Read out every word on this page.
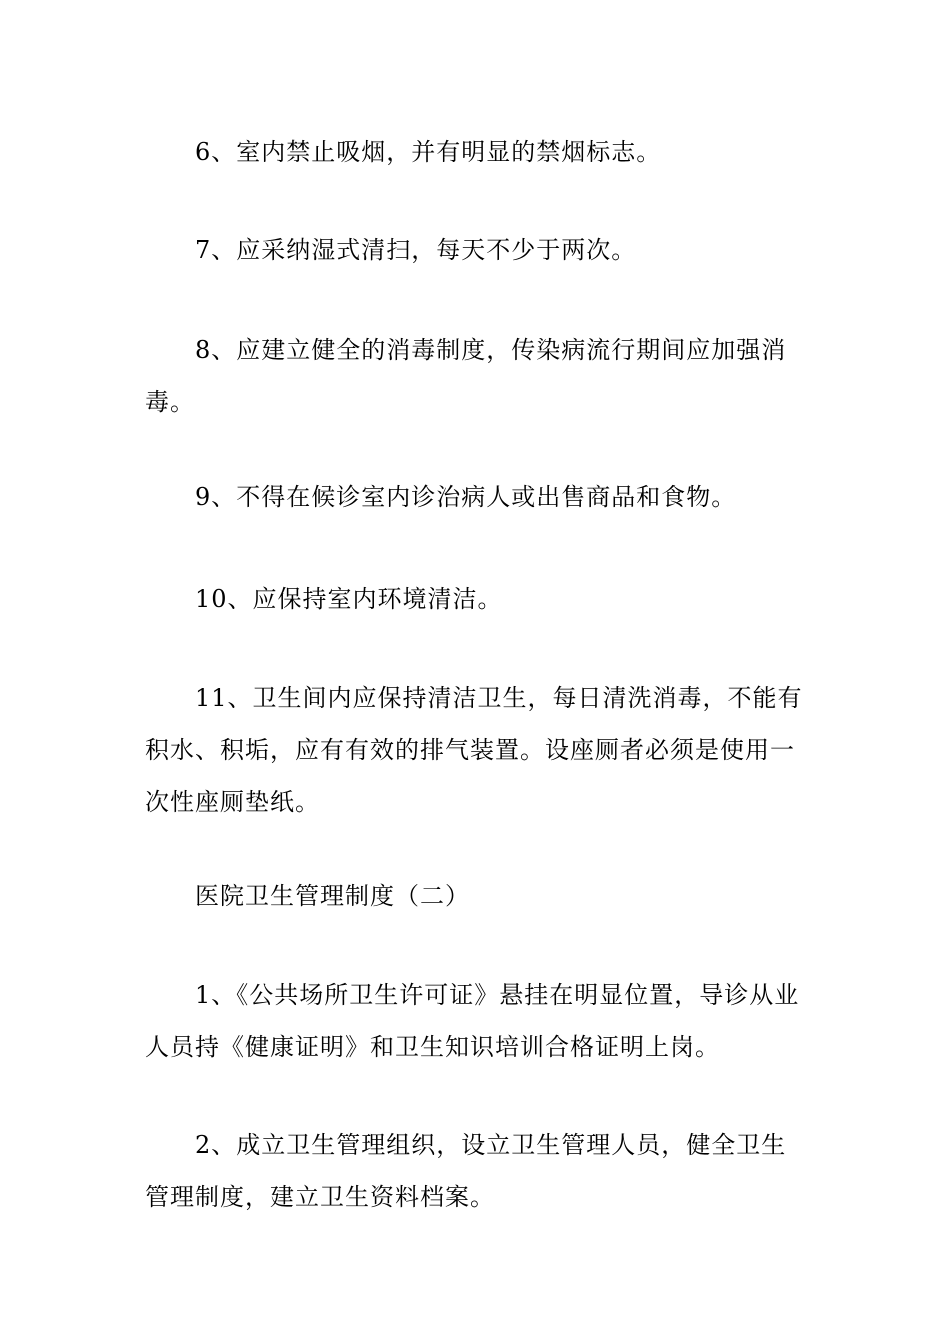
6、室内禁止吸烟，并有明显的禁烟标志。

7、应采纳湿式清扫，每天不少于两次。

8、应建立健全的消毒制度，传染病流行期间应加强消毒。

9、不得在候诊室内诊治病人或出售商品和食物。

10、应保持室内环境清洁。

11、卫生间内应保持清洁卫生，每日清洗消毒，不能有积水、积垢，应有有效的排气装置。设座厕者必须是使用一次性座厕垫纸。

医院卫生管理制度（二）

1、《公共场所卫生许可证》悬挂在明显位置，导诊从业人员持《健康证明》和卫生知识培训合格证明上岗。

2、成立卫生管理组织，设立卫生管理人员，健全卫生管理制度，建立卫生资料档案。
